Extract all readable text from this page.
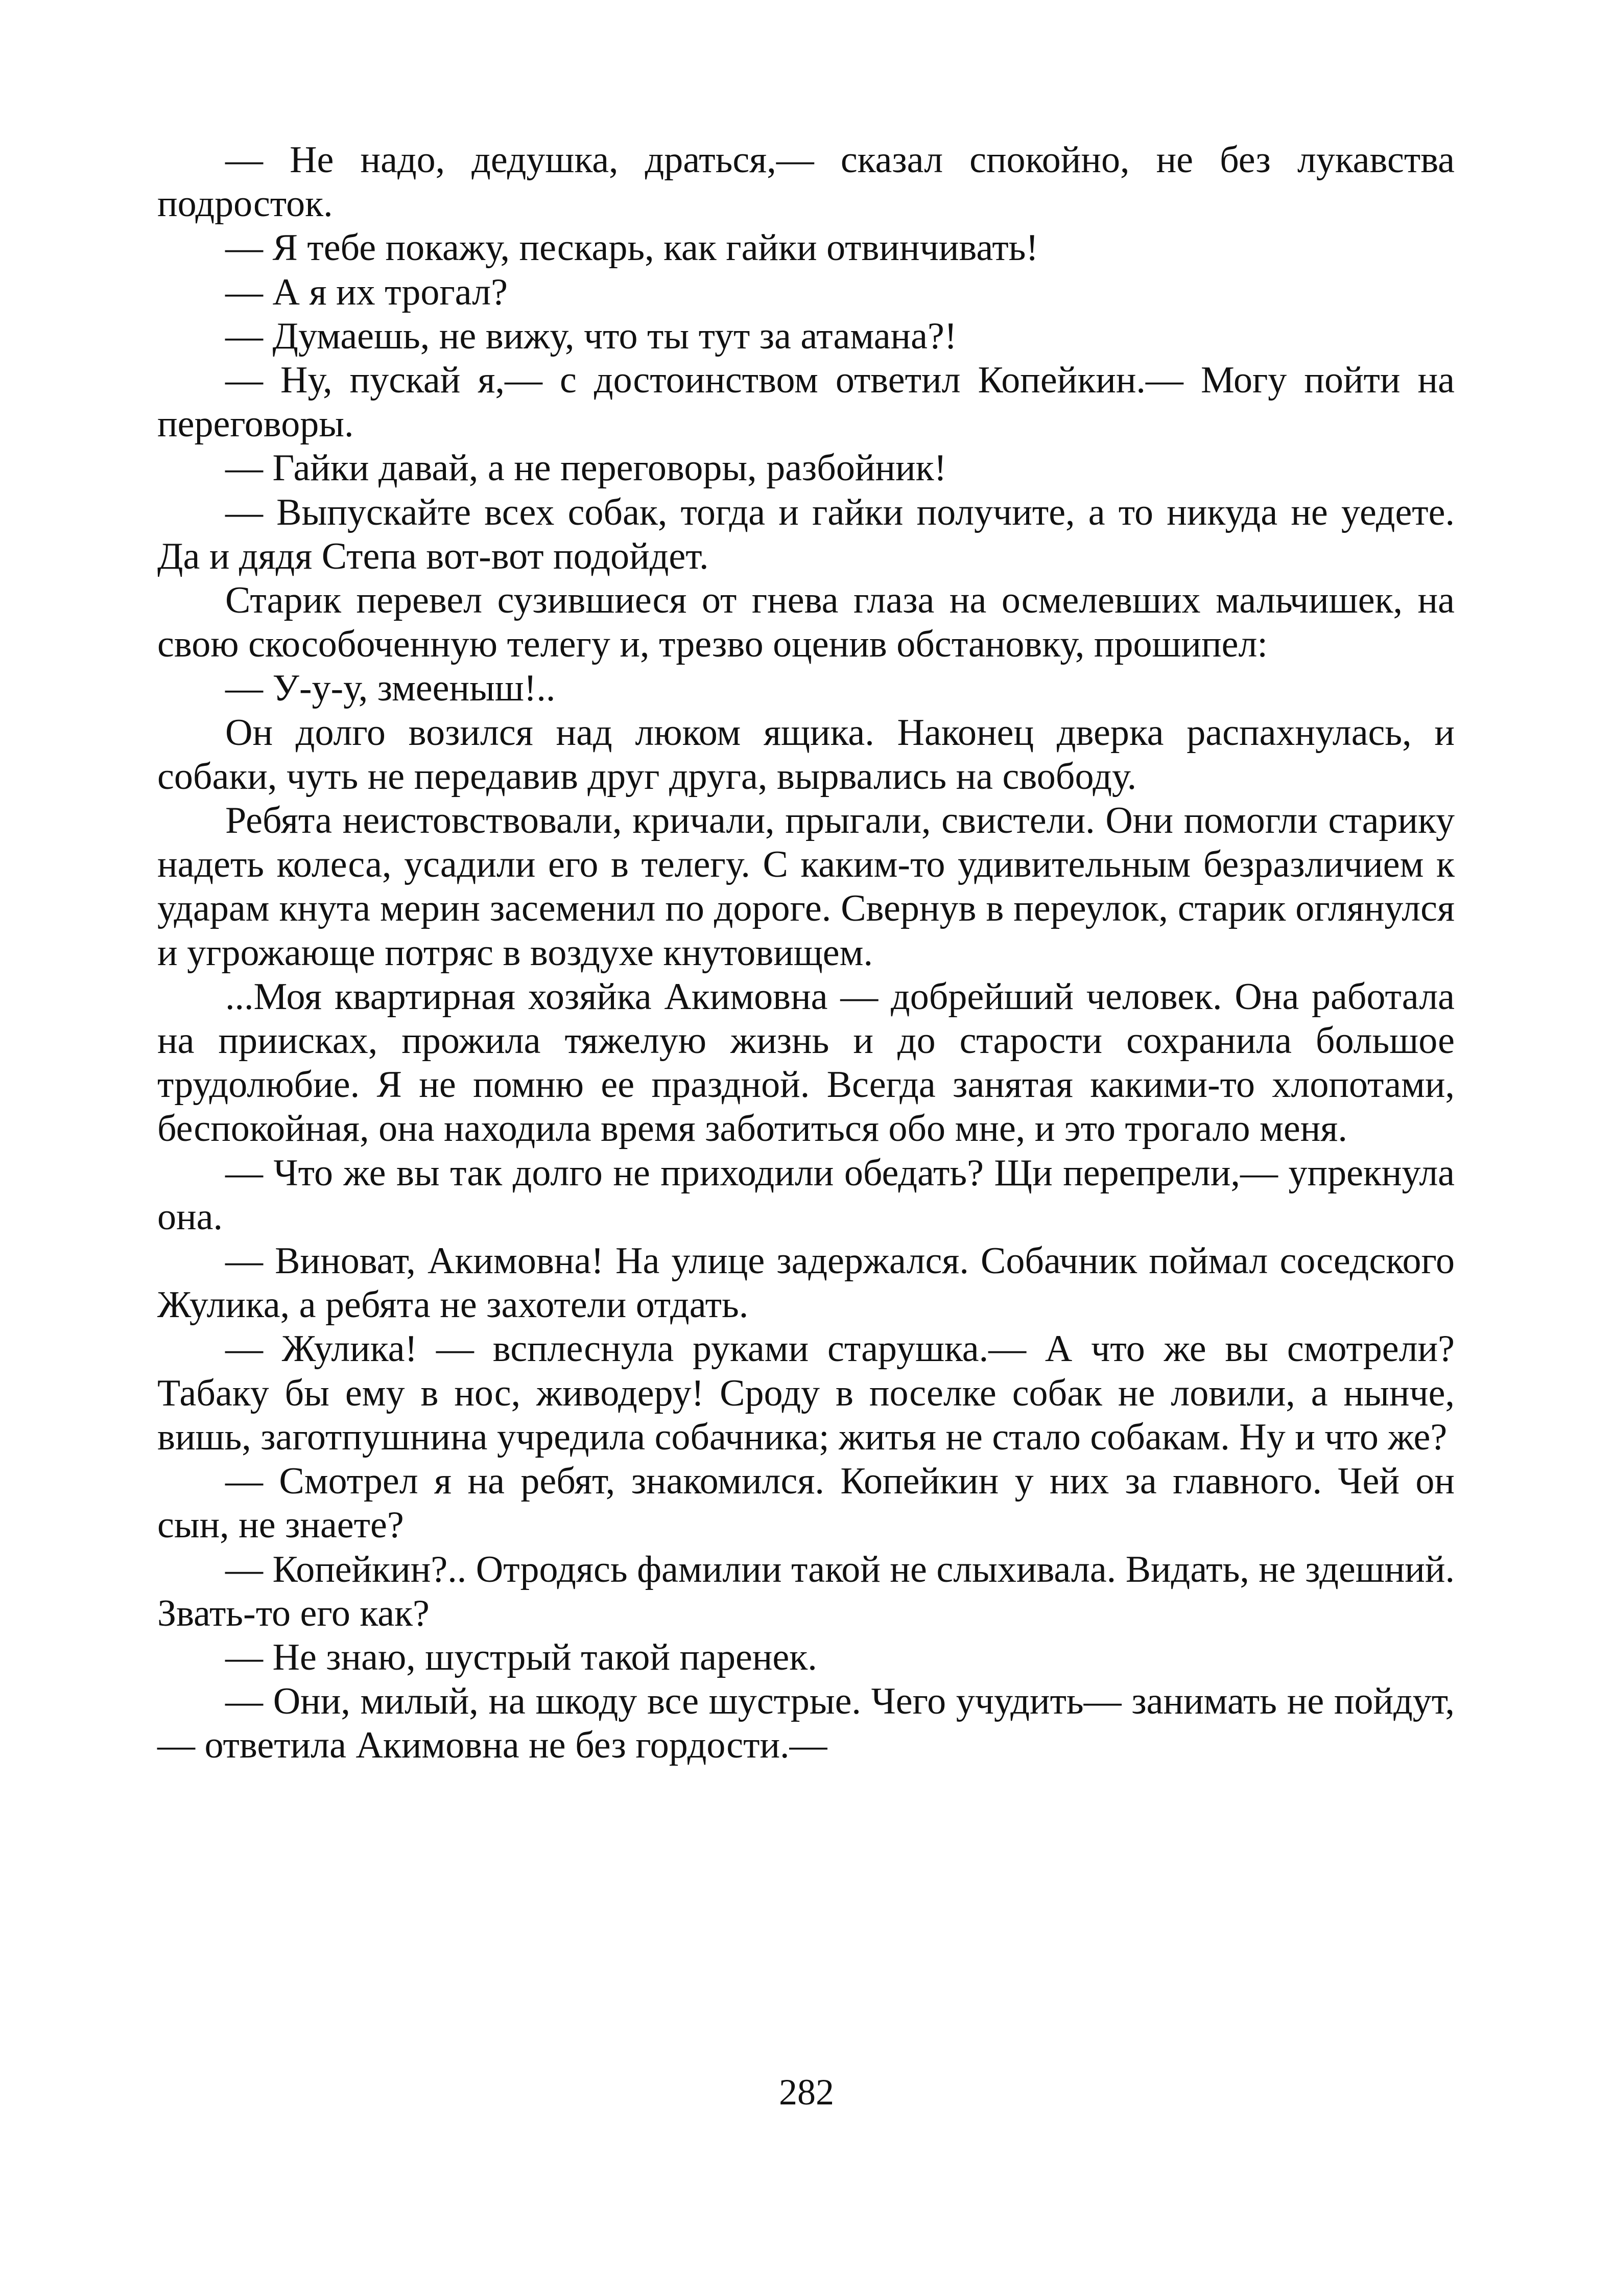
— Не надо, дедушка, драться,— сказал спокойно, не без лукавства подросток.

— Я тебе покажу, пескарь, как гайки отвинчивать!

— А я их трогал?

— Думаешь, не вижу, что ты тут за атамана?!

— Ну, пускай я,— с достоинством ответил Копейкин.— Могу пойти на переговоры.

— Гайки давай, а не переговоры, разбойник!

— Выпускайте всех собак, тогда и гайки получите, а то никуда не уедете. Да и дядя Степа вот-вот подойдет.

Старик перевел сузившиеся от гнева глаза на осмелевших мальчишек, на свою скособоченную телегу и, трезво оценив обстановку, прошипел:

— У-у-у, змееныш!..

Он долго возился над люком ящика. Наконец дверка распахнулась, и собаки, чуть не передавив друг друга, вырвались на свободу.

Ребята неистовствовали, кричали, прыгали, свистели. Они помогли старику надеть колеса, усадили его в телегу. С каким-то удивительным безразличием к ударам кнута мерин засеменил по дороге. Свернув в переулок, старик оглянулся и угрожающе потряс в воздухе кнутовищем.

...Моя квартирная хозяйка Акимовна — добрейший человек. Она работала на приисках, прожила тяжелую жизнь и до старости сохранила большое трудолюбие. Я не помню ее праздной. Всегда занятая какими-то хлопотами, беспокойная, она находила время заботиться обо мне, и это трогало меня.

— Что же вы так долго не приходили обедать? Щи перепрели,— упрекнула она.

— Виноват, Акимовна! На улице задержался. Собачник поймал соседского Жулика, а ребята не захотели отдать.

— Жулика! — всплеснула руками старушка.— А что же вы смотрели? Табаку бы ему в нос, живодеру! Сроду в поселке собак не ловили, а нынче, вишь, заготпушнина учредила собачника; житья не стало собакам. Ну и что же?

— Смотрел я на ребят, знакомился. Копейкин у них за главного. Чей он сын, не знаете?

— Копейкин?.. Отродясь фамилии такой не слыхивала. Видать, не здешний. Звать-то его как?

— Не знаю, шустрый такой паренек.

— Они, милый, на шкоду все шустрые. Чего учудить— занимать не пойдут,— ответила Акимовна не без гордости.—

282
